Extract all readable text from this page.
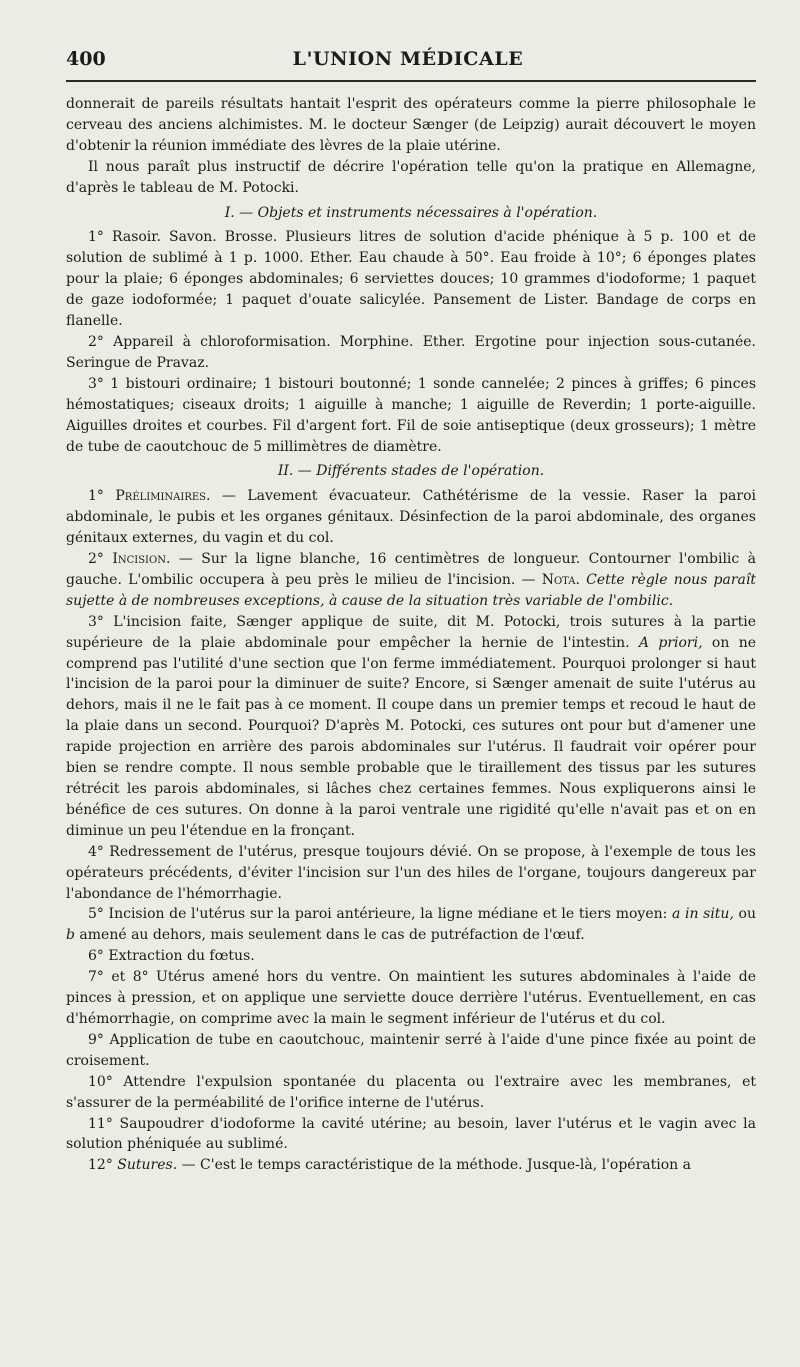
400	L'UNION MÉDICALE

donnerait de pareils résultats hantait l'esprit des opérateurs comme la pierre philosophale le cerveau des anciens alchimistes. M. le docteur Sænger (de Leipzig) aurait découvert le moyen d'obtenir la réunion immédiate des lèvres de la plaie utérine.

Il nous paraît plus instructif de décrire l'opération telle qu'on la pratique en Allemagne, d'après le tableau de M. Potocki.

I. — Objets et instruments nécessaires à l'opération.

1° Rasoir. Savon. Brosse. Plusieurs litres de solution d'acide phénique à 5 p. 100 et de solution de sublimé à 1 p. 1000. Ether. Eau chaude à 50°. Eau froide à 10°; 6 éponges plates pour la plaie; 6 éponges abdominales; 6 serviettes douces; 10 grammes d'iodoforme; 1 paquet de gaze iodoformée; 1 paquet d'ouate salicylée. Pansement de Lister. Bandage de corps en flanelle.

2° Appareil à chloroformisation. Morphine. Ether. Ergotine pour injection sous-cutanée. Seringue de Pravaz.

3° 1 bistouri ordinaire; 1 bistouri boutonné; 1 sonde cannelée; 2 pinces à griffes; 6 pinces hémostatiques; ciseaux droits; 1 aiguille à manche; 1 aiguille de Reverdin; 1 porte-aiguille. Aiguilles droites et courbes. Fil d'argent fort. Fil de soie antiseptique (deux grosseurs); 1 mètre de tube de caoutchouc de 5 millimètres de diamètre.

II. — Différents stades de l'opération.

1° Préliminaires. — Lavement évacuateur. Cathétérisme de la vessie. Raser la paroi abdominale, le pubis et les organes génitaux. Désinfection de la paroi abdominale, des organes génitaux externes, du vagin et du col.

2° Incision. — Sur la ligne blanche, 16 centimètres de longueur. Contourner l'ombilic à gauche. L'ombilic occupera à peu près le milieu de l'incision. — Nota. Cette règle nous paraît sujette à de nombreuses exceptions, à cause de la situation très variable de l'ombilic.

3° L'incision faite, Sænger applique de suite, dit M. Potocki, trois sutures à la partie supérieure de la plaie abdominale pour empêcher la hernie de l'intestin. A priori, on ne comprend pas l'utilité d'une section que l'on ferme immédiatement. Pourquoi prolonger si haut l'incision de la paroi pour la diminuer de suite? Encore, si Sænger amenait de suite l'utérus au dehors, mais il ne le fait pas à ce moment. Il coupe dans un premier temps et recoud le haut de la plaie dans un second. Pourquoi? D'après M. Potocki, ces sutures ont pour but d'amener une rapide projection en arrière des parois abdominales sur l'utérus. Il faudrait voir opérer pour bien se rendre compte. Il nous semble probable que le tiraillement des tissus par les sutures rétrécit les parois abdominales, si lâches chez certaines femmes. Nous expliquerons ainsi le bénéfice de ces sutures. On donne à la paroi ventrale une rigidité qu'elle n'avait pas et on en diminue un peu l'étendue en la fronçant.

4° Redressement de l'utérus, presque toujours dévié. On se propose, à l'exemple de tous les opérateurs précédents, d'éviter l'incision sur l'un des hiles de l'organe, toujours dangereux par l'abondance de l'hémorrhagie.

5° Incision de l'utérus sur la paroi antérieure, la ligne médiane et le tiers moyen: a in situ, ou b amené au dehors, mais seulement dans le cas de putréfaction de l'œuf.

6° Extraction du fœtus.

7° et 8° Utérus amené hors du ventre. On maintient les sutures abdominales à l'aide de pinces à pression, et on applique une serviette douce derrière l'utérus. Eventuellement, en cas d'hémorrhagie, on comprime avec la main le segment inférieur de l'utérus et du col.

9° Application de tube en caoutchouc, maintenir serré à l'aide d'une pince fixée au point de croisement.

10° Attendre l'expulsion spontanée du placenta ou l'extraire avec les membranes, et s'assurer de la perméabilité de l'orifice interne de l'utérus.

11° Saupoudrer d'iodoforme la cavité utérine; au besoin, laver l'utérus et le vagin avec la solution phéniquée au sublimé.

12° Sutures. — C'est le temps caractéristique de la méthode. Jusque-là, l'opération a
